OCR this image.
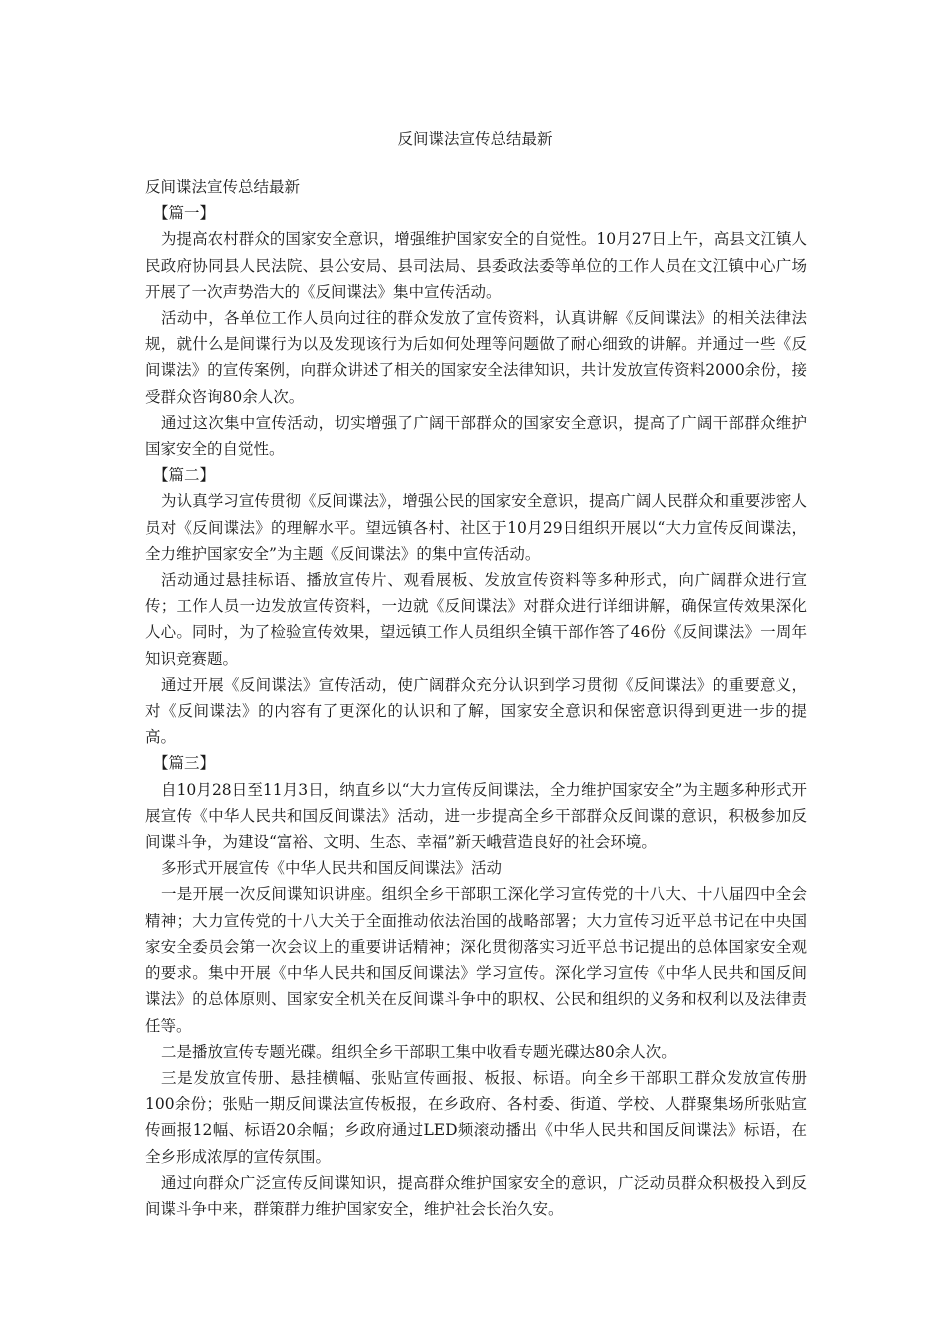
反间谍法宣传总结最新

反间谍法宣传总结最新

【篇一】

为提高农村群众的国家安全意识，增强维护国家安全的自觉性。10月27日上午，高县文江镇人民政府协同县人民法院、县公安局、县司法局、县委政法委等单位的工作人员在文江镇中心广场开展了一次声势浩大的《反间谍法》集中宣传活动。

活动中，各单位工作人员向过往的群众发放了宣传资料，认真讲解《反间谍法》的相关法律法规，就什么是间谍行为以及发现该行为后如何处理等问题做了耐心细致的讲解。并通过一些《反间谍法》的宣传案例，向群众讲述了相关的国家安全法律知识，共计发放宣传资料2000余份，接受群众咨询80余人次。

通过这次集中宣传活动，切实增强了广阔干部群众的国家安全意识，提高了广阔干部群众维护国家安全的自觉性。

【篇二】

为认真学习宣传贯彻《反间谍法》，增强公民的国家安全意识，提高广阔人民群众和重要涉密人员对《反间谍法》的理解水平。望远镇各村、社区于10月29日组织开展以“大力宣传反间谍法，全力维护国家安全”为主题《反间谍法》的集中宣传活动。

活动通过悬挂标语、播放宣传片、观看展板、发放宣传资料等多种形式，向广阔群众进行宣传；工作人员一边发放宣传资料，一边就《反间谍法》对群众进行详细讲解，确保宣传效果深化人心。同时，为了检验宣传效果，望远镇工作人员组织全镇干部作答了46份《反间谍法》一周年知识竞赛题。

通过开展《反间谍法》宣传活动，使广阔群众充分认识到学习贯彻《反间谍法》的重要意义，对《反间谍法》的内容有了更深化的认识和了解，国家安全意识和保密意识得到更进一步的提高。

【篇三】

自10月28日至11月3日，纳直乡以“大力宣传反间谍法，全力维护国家安全”为主题多种形式开展宣传《中华人民共和国反间谍法》活动，进一步提高全乡干部群众反间谍的意识，积极参加反间谍斗争，为建设“富裕、文明、生态、幸福”新天峨营造良好的社会环境。

多形式开展宣传《中华人民共和国反间谍法》活动

一是开展一次反间谍知识讲座。组织全乡干部职工深化学习宣传党的十八大、十八届四中全会精神；大力宣传党的十八大关于全面推动依法治国的战略部署；大力宣传习近平总书记在中央国家安全委员会第一次会议上的重要讲话精神；深化贯彻落实习近平总书记提出的总体国家安全观的要求。集中开展《中华人民共和国反间谍法》学习宣传。深化学习宣传《中华人民共和国反间谍法》的总体原则、国家安全机关在反间谍斗争中的职权、公民和组织的义务和权利以及法律责任等。

二是播放宣传专题光碟。组织全乡干部职工集中收看专题光碟达80余人次。

三是发放宣传册、悬挂横幅、张贴宣传画报、板报、标语。向全乡干部职工群众发放宣传册100余份；张贴一期反间谍法宣传板报，在乡政府、各村委、街道、学校、人群聚集场所张贴宣传画报12幅、标语20余幅；乡政府通过LED频滚动播出《中华人民共和国反间谍法》标语，在全乡形成浓厚的宣传氛围。

通过向群众广泛宣传反间谍知识，提高群众维护国家安全的意识，广泛动员群众积极投入到反间谍斗争中来，群策群力维护国家安全，维护社会长治久安。
